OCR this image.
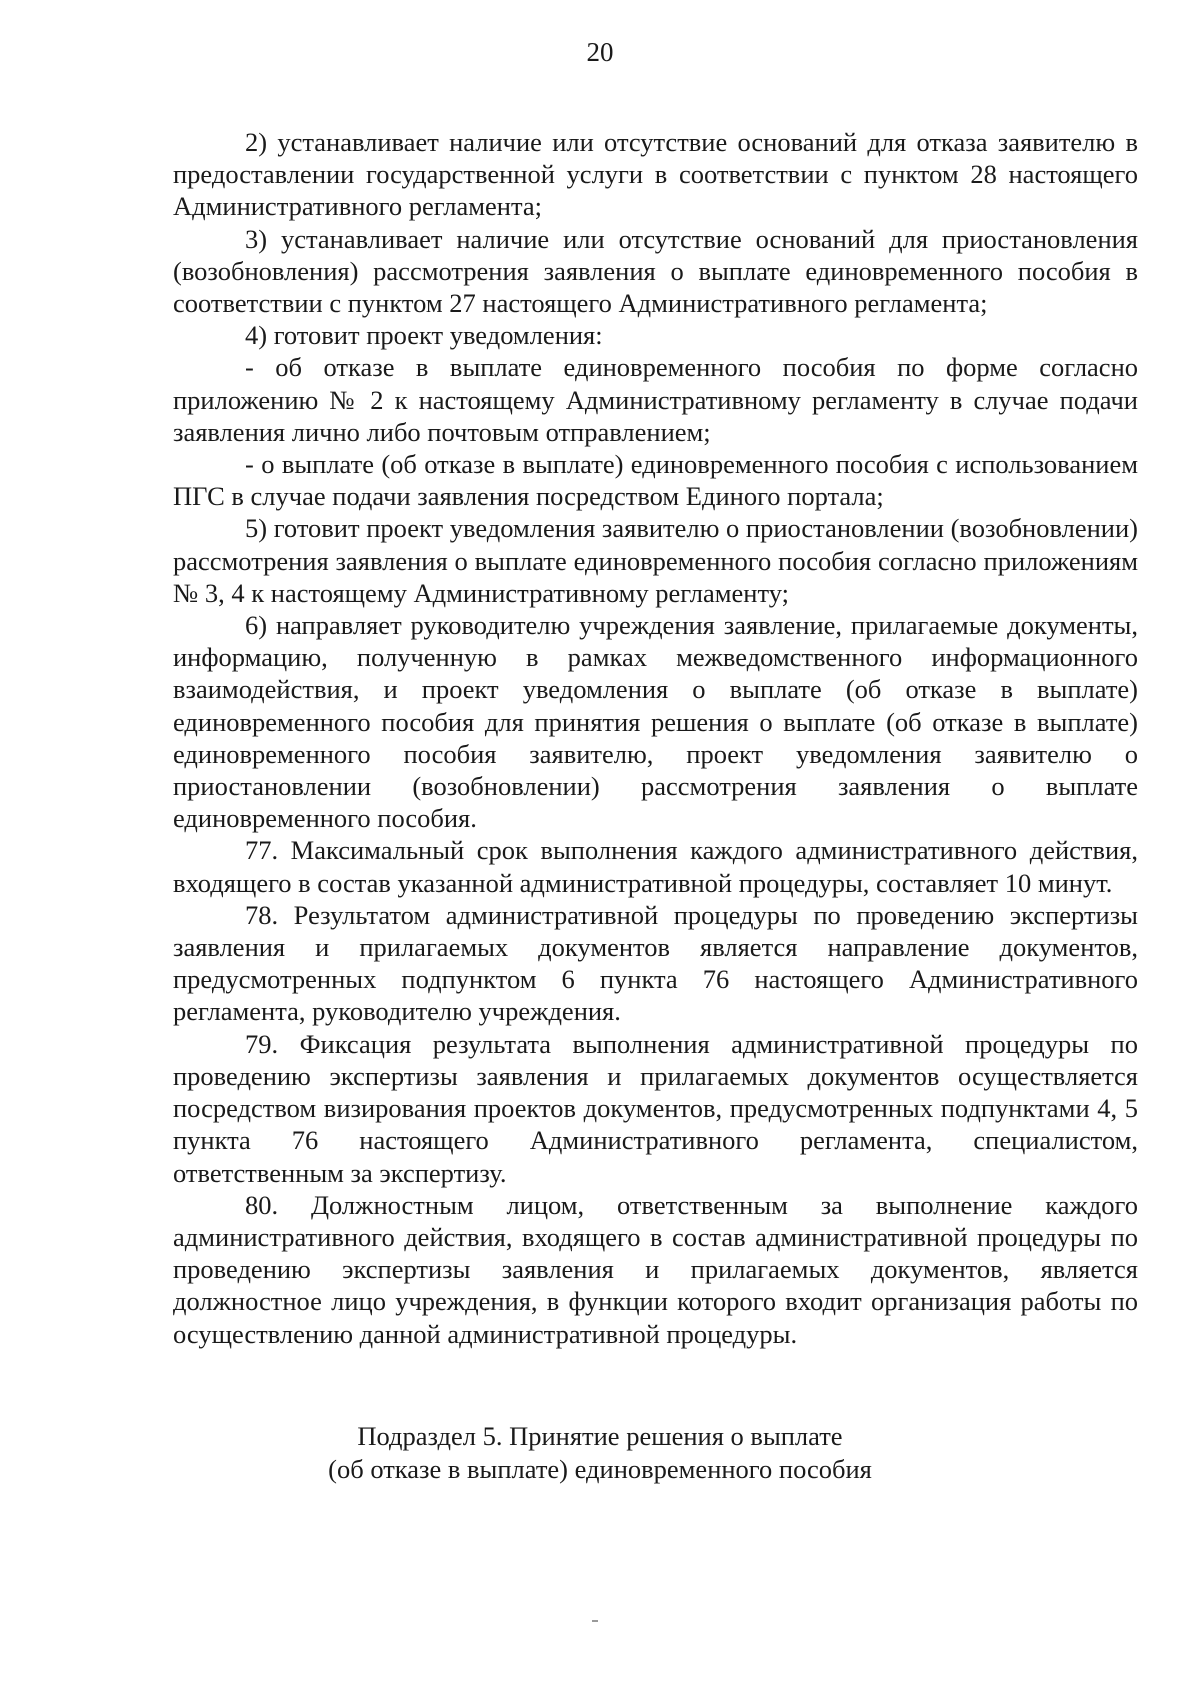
20

2) устанавливает наличие или отсутствие оснований для отказа заявителю в предоставлении государственной услуги в соответствии с пунктом 28 настоящего Административного регламента;

3) устанавливает наличие или отсутствие оснований для приостановления (возобновления) рассмотрения заявления о выплате единовременного пособия в соответствии с пунктом 27 настоящего Административного регламента;

4) готовит проект уведомления:

- об отказе в выплате единовременного пособия по форме согласно приложению № 2 к настоящему Административному регламенту в случае подачи заявления лично либо почтовым отправлением;

- о выплате (об отказе в выплате) единовременного пособия с использованием ПГС в случае подачи заявления посредством Единого портала;

5) готовит проект уведомления заявителю о приостановлении (возобновлении) рассмотрения заявления о выплате единовременного пособия согласно приложениям № 3, 4 к настоящему Административному регламенту;

6) направляет руководителю учреждения заявление, прилагаемые документы, информацию, полученную в рамках межведомственного информационного взаимодействия, и проект уведомления о выплате (об отказе в выплате) единовременного пособия для принятия решения о выплате (об отказе в выплате) единовременного пособия заявителю, проект уведомления заявителю о приостановлении (возобновлении) рассмотрения заявления о выплате единовременного пособия.

77. Максимальный срок выполнения каждого административного действия, входящего в состав указанной административной процедуры, составляет 10 минут.

78. Результатом административной процедуры по проведению экспертизы заявления и прилагаемых документов является направление документов, предусмотренных подпунктом 6 пункта 76 настоящего Административного регламента, руководителю учреждения.

79. Фиксация результата выполнения административной процедуры по проведению экспертизы заявления и прилагаемых документов осуществляется посредством визирования проектов документов, предусмотренных подпунктами 4, 5 пункта 76 настоящего Административного регламента, специалистом, ответственным за экспертизу.

80. Должностным лицом, ответственным за выполнение каждого административного действия, входящего в состав административной процедуры по проведению экспертизы заявления и прилагаемых документов, является должностное лицо учреждения, в функции которого входит организация работы по осуществлению данной административной процедуры.

Подраздел 5. Принятие решения о выплате
(об отказе в выплате) единовременного пособия
